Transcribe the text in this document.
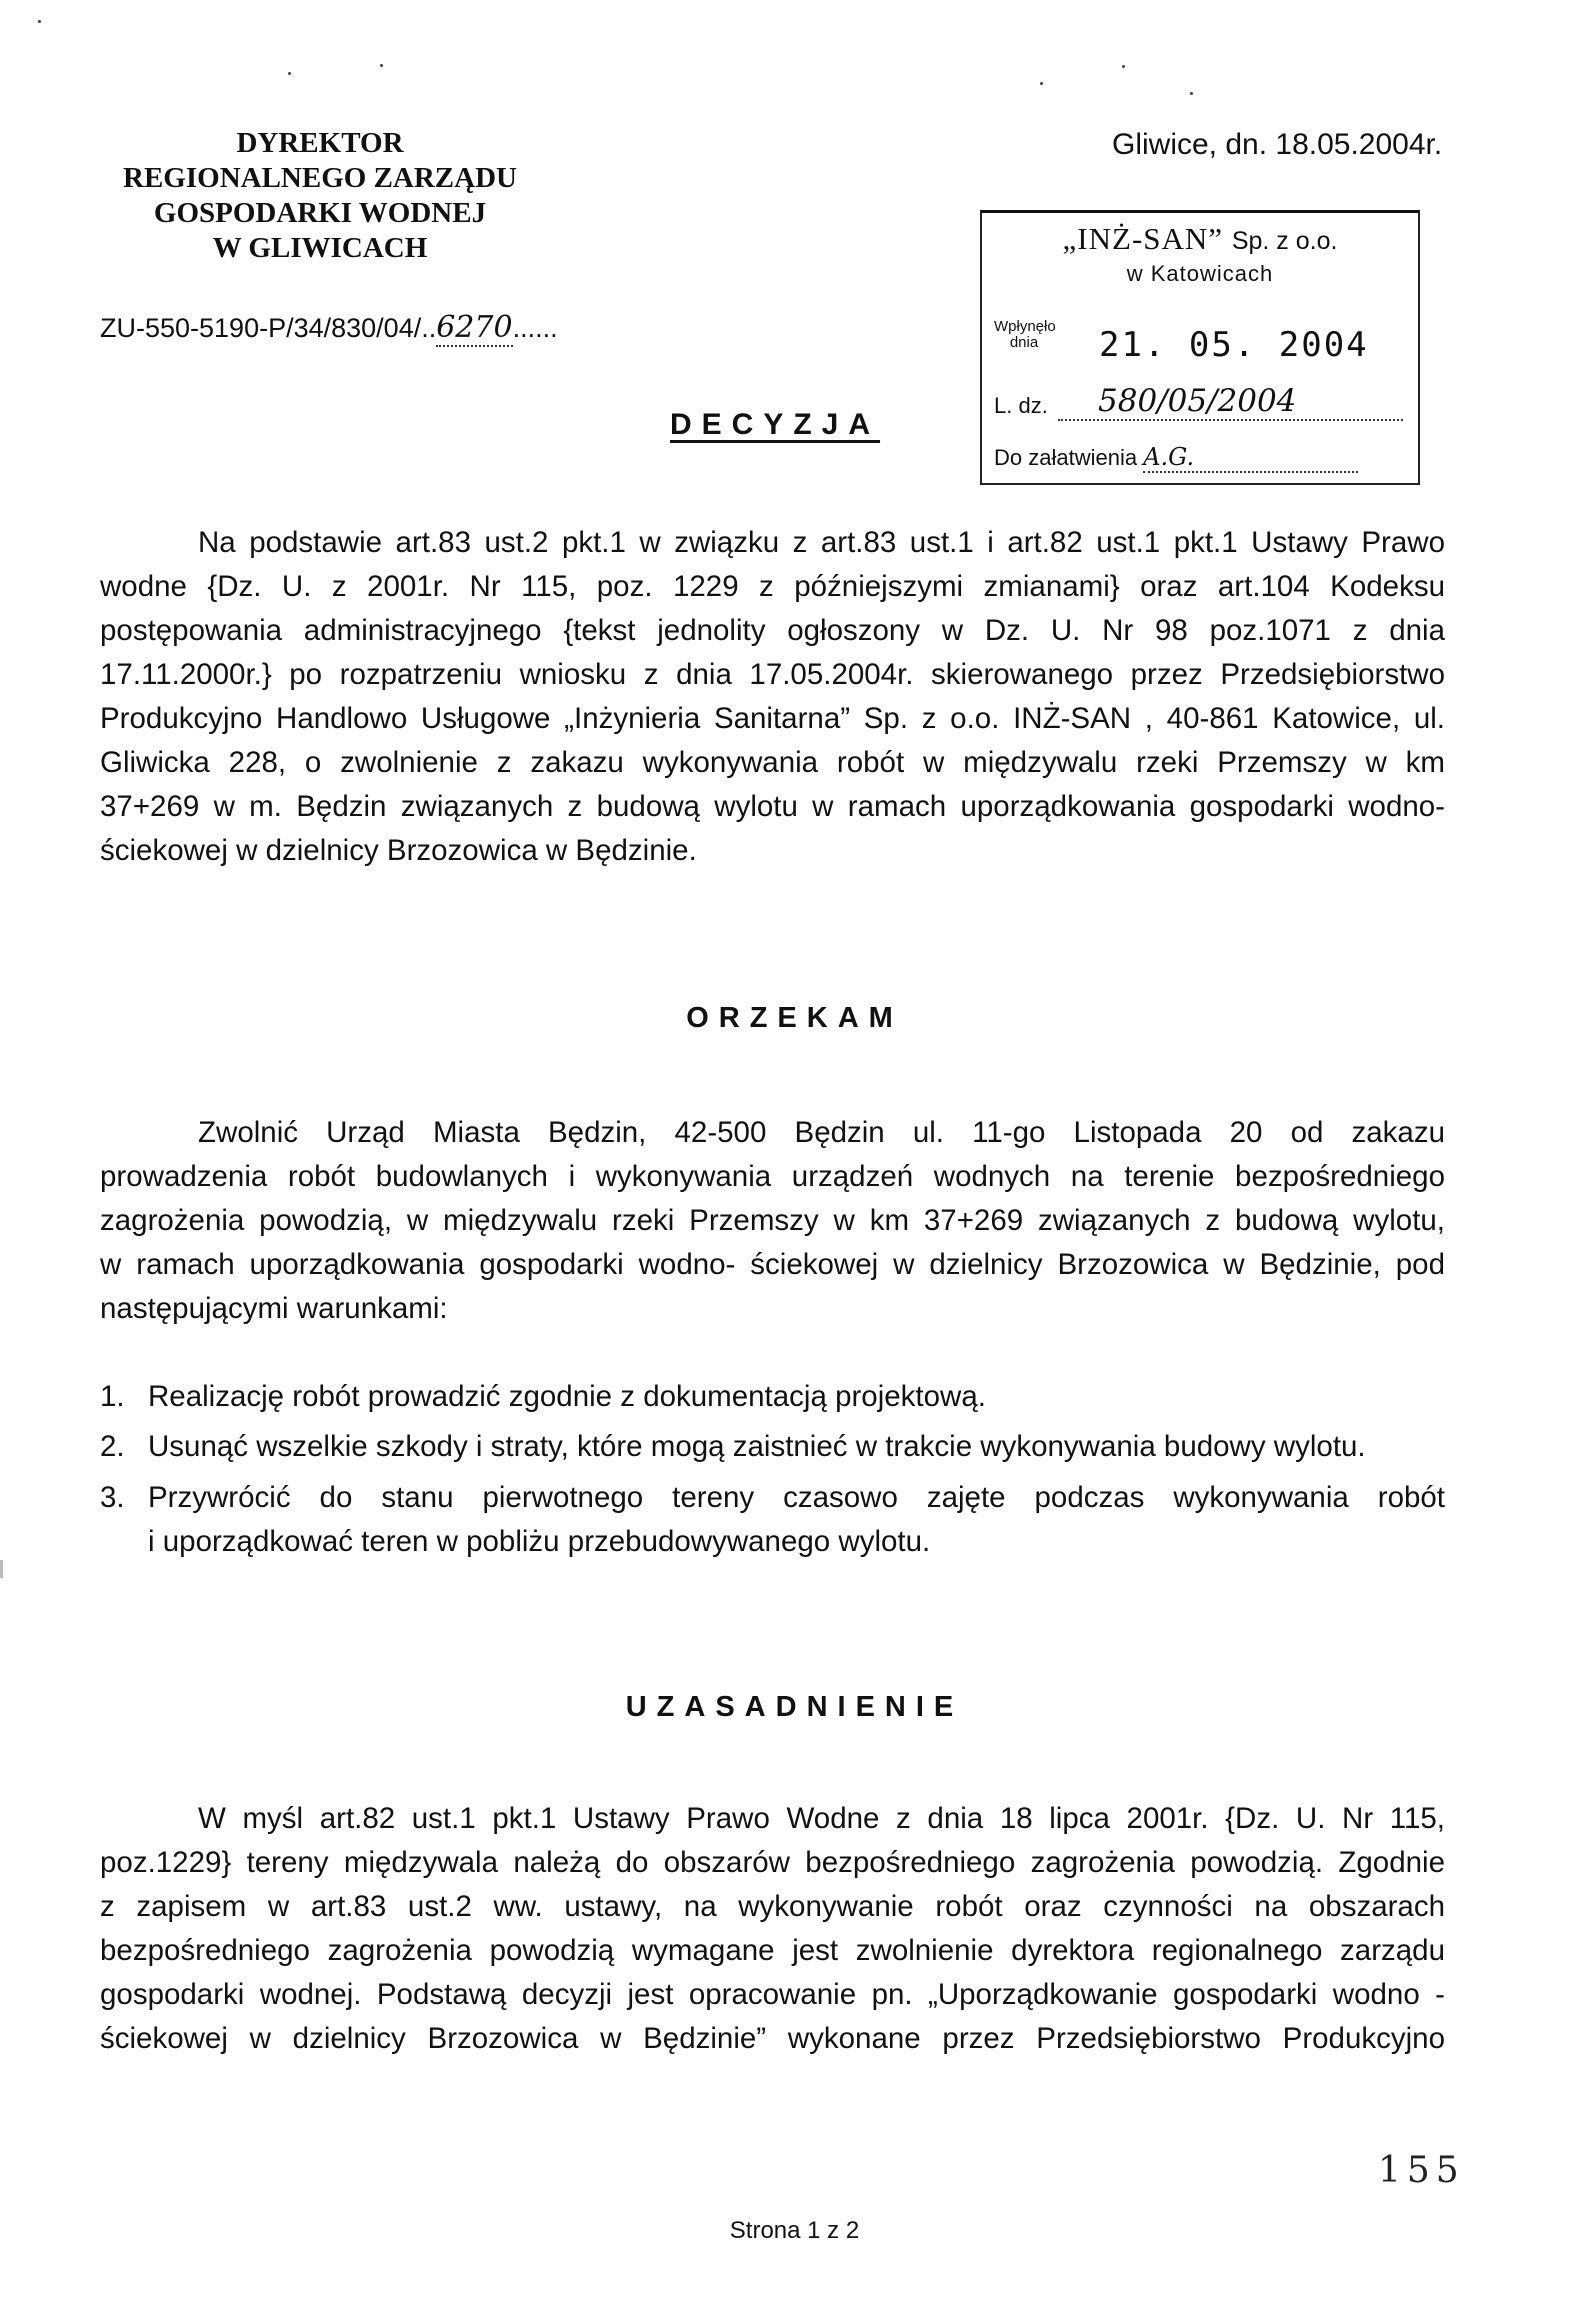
DYREKTOR
REGIONALNEGO ZARZĄDU
GOSPODARKI WODNEJ
W GLIWICACH
ZU-550-5190-P/34/830/04/..6270......
Gliwice, dn. 18.05.2004r.
„INŻ-SAN” Sp. z o.o.
w Katowicach
Wpłynęło dnia	21. 05. 2004
L. dz.	580/05/2004
Do załatwienia A.G.
DECYZJA
Na podstawie art.83 ust.2 pkt.1 w związku z art.83 ust.1 i art.82 ust.1 pkt.1 Ustawy Prawo
wodne {Dz. U. z 2001r. Nr 115, poz. 1229 z późniejszymi zmianami} oraz art.104 Kodeksu
postępowania administracyjnego {tekst jednolity ogłoszony w Dz. U. Nr 98 poz.1071 z dnia
17.11.2000r.} po rozpatrzeniu wniosku z dnia 17.05.2004r. skierowanego przez Przedsiębiorstwo
Produkcyjno Handlowo Usługowe „Inżynieria Sanitarna” Sp. z o.o. INŻ-SAN , 40-861 Katowice, ul.
Gliwicka 228, o zwolnienie z zakazu wykonywania robót w międzywalu rzeki Przemszy w km
37+269 w m. Będzin związanych z budową wylotu w ramach uporządkowania gospodarki wodno-
ściekowej w dzielnicy Brzozowica w Będzinie.
ORZEKAM
Zwolnić Urząd Miasta Będzin, 42-500 Będzin ul. 11-go Listopada 20 od zakazu
prowadzenia robót budowlanych i wykonywania urządzeń wodnych na terenie bezpośredniego
zagrożenia powodzią, w międzywalu rzeki Przemszy w km 37+269 związanych z budową wylotu,
w ramach uporządkowania gospodarki wodno- ściekowej w dzielnicy Brzozowica w Będzinie, pod
następującymi warunkami:
1. Realizację robót prowadzić zgodnie z dokumentacją projektową.
2. Usunąć wszelkie szkody i straty, które mogą zaistnieć w trakcie wykonywania budowy wylotu.
3. Przywrócić do stanu pierwotnego tereny czasowo zajęte podczas wykonywania robót
i uporządkować teren w pobliżu przebudowywanego wylotu.
UZASADNIENIE
W myśl art.82 ust.1 pkt.1 Ustawy Prawo Wodne z dnia 18 lipca 2001r. {Dz. U. Nr 115,
poz.1229} tereny międzywala należą do obszarów bezpośredniego zagrożenia powodzią. Zgodnie
z zapisem w art.83 ust.2 ww. ustawy, na wykonywanie robót oraz czynności na obszarach
bezpośredniego zagrożenia powodzią wymagane jest zwolnienie dyrektora regionalnego zarządu
gospodarki wodnej. Podstawą decyzji jest opracowanie pn. „Uporządkowanie gospodarki wodno -
ściekowej w dzielnicy Brzozowica w Będzinie” wykonane przez Przedsiębiorstwo Produkcyjno
155
Strona 1 z 2
